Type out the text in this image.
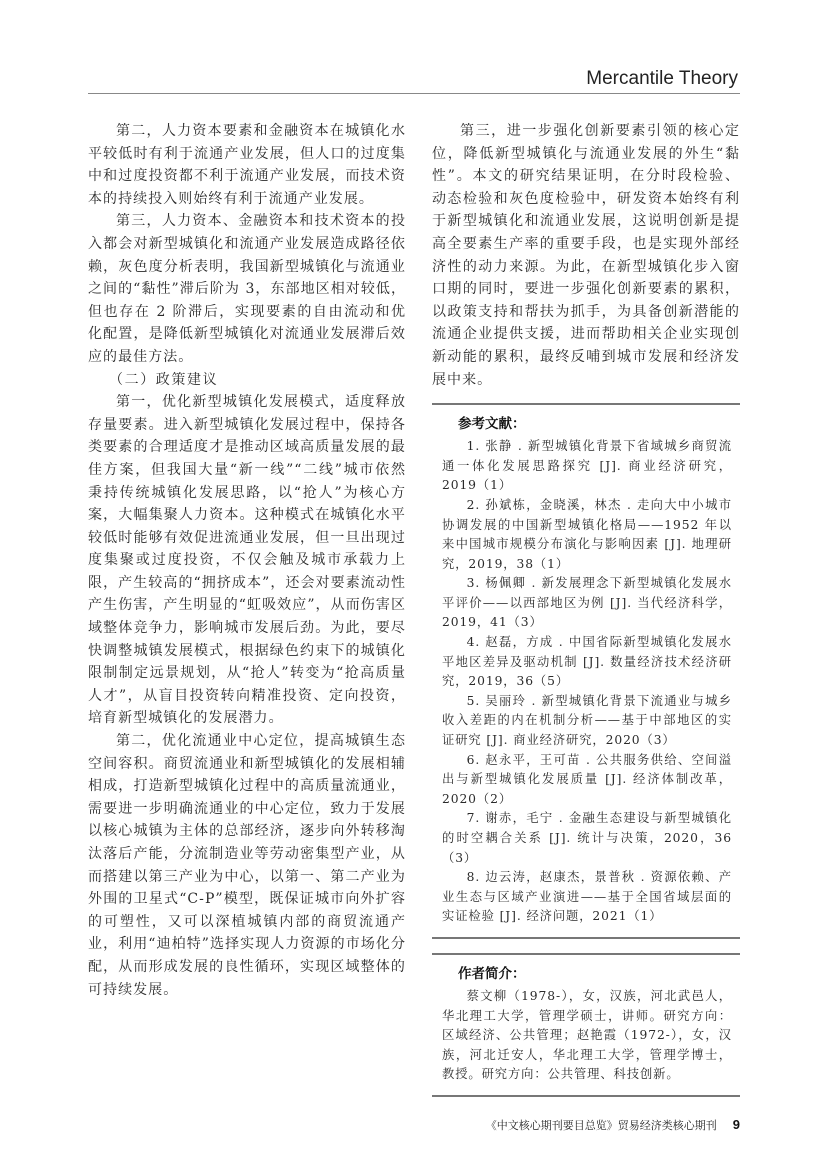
Mercantile Theory

第二，人力资本要素和金融资本在城镇化水平较低时有利于流通产业发展，但人口的过度集中和过度投资都不利于流通产业发展，而技术资本的持续投入则始终有利于流通产业发展。

第三，人力资本、金融资本和技术资本的投入都会对新型城镇化和流通产业发展造成路径依赖，灰色度分析表明，我国新型城镇化与流通业之间的“黏性”滞后阶为 3，东部地区相对较低，但也存在 2 阶滞后，实现要素的自由流动和优化配置，是降低新型城镇化对流通业发展滞后效应的最佳方法。

（二）政策建议

第一，优化新型城镇化发展模式，适度释放存量要素。进入新型城镇化发展过程中，保持各类要素的合理适度才是推动区域高质量发展的最佳方案，但我国大量“新一线”“二线”城市依然秉持传统城镇化发展思路，以“抢人”为核心方案，大幅集聚人力资本。这种模式在城镇化水平较低时能够有效促进流通业发展，但一旦出现过度集聚或过度投资，不仅会触及城市承载力上限，产生较高的“拥挤成本”，还会对要素流动性产生伤害，产生明显的“虹吸效应”，从而伤害区域整体竞争力，影响城市发展后劲。为此，要尽快调整城镇发展模式，根据绿色约束下的城镇化限制制定远景规划，从“抢人”转变为“抢高质量人才”，从盲目投资转向精准投资、定向投资，培育新型城镇化的发展潜力。

第二，优化流通业中心定位，提高城镇生态空间容积。商贸流通业和新型城镇化的发展相辅相成，打造新型城镇化过程中的高质量流通业，需要进一步明确流通业的中心定位，致力于发展以核心城镇为主体的总部经济，逐步向外转移淘汰落后产能，分流制造业等劳动密集型产业，从而搭建以第三产业为中心，以第一、第二产业为外围的卫星式“C-P”模型，既保证城市向外扩容的可塑性，又可以深植城镇内部的商贸流通产业，利用“迪柏特”选择实现人力资源的市场化分配，从而形成发展的良性循环，实现区域整体的可持续发展。

第三，进一步强化创新要素引领的核心定位，降低新型城镇化与流通业发展的外生“黏性”。本文的研究结果证明，在分时段检验、动态检验和灰色度检验中，研发资本始终有利于新型城镇化和流通业发展，这说明创新是提高全要素生产率的重要手段，也是实现外部经济性的动力来源。为此，在新型城镇化步入窗口期的同时，要进一步强化创新要素的累积，以政策支持和帮扶为抓手，为具备创新潜能的流通企业提供支援，进而帮助相关企业实现创新动能的累积，最终反哺到城市发展和经济发展中来。

参考文献：

1. 张静 . 新型城镇化背景下省域城乡商贸流通一体化发展思路探究 [J]. 商业经济研究，2019（1）

2. 孙斌栋，金晓溪，林杰 . 走向大中小城市协调发展的中国新型城镇化格局——1952 年以来中国城市规模分布演化与影响因素 [J]. 地理研究，2019，38（1）

3. 杨佩卿 . 新发展理念下新型城镇化发展水平评价——以西部地区为例 [J]. 当代经济科学，2019，41（3）

4. 赵磊，方成 . 中国省际新型城镇化发展水平地区差异及驱动机制 [J]. 数量经济技术经济研究，2019，36（5）

5. 吴丽玲 . 新型城镇化背景下流通业与城乡收入差距的内在机制分析——基于中部地区的实证研究 [J]. 商业经济研究，2020（3）

6. 赵永平，王可苗 . 公共服务供给、空间溢出与新型城镇化发展质量 [J]. 经济体制改革，2020（2）

7. 谢赤，毛宁 . 金融生态建设与新型城镇化的时空耦合关系 [J]. 统计与决策，2020，36（3）

8. 边云涛，赵康杰，景普秋 . 资源依赖、产业生态与区域产业演进——基于全国省域层面的实证检验 [J]. 经济问题，2021（1）

作者简介：

蔡文柳（1978-），女，汉族，河北武邑人，华北理工大学，管理学硕士，讲师。研究方向：区域经济、公共管理；赵艳霞（1972-），女，汉族，河北迁安人，华北理工大学，管理学博士，教授。研究方向：公共管理、科技创新。

《中文核心期刊要目总览》贸易经济类核心期刊 9
